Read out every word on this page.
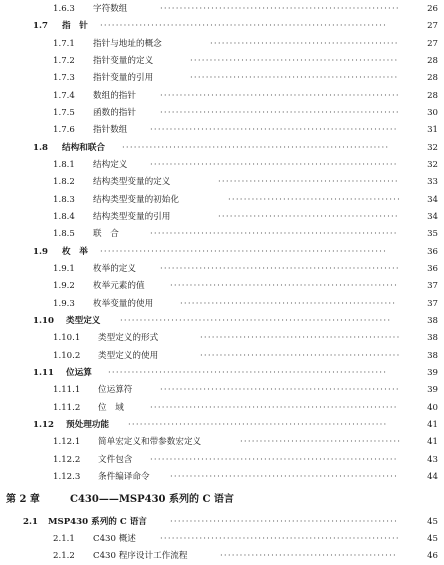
1.6.3 字符数组	·····························································	26
1.7 指　针 ·········································································	27
1.7.1 指针与地址的概念	················································	27
1.7.2 指针变量的定义	·····················································	28
1.7.3 指针变量的引用	·····················································	28
1.7.4 数组的指针	·····························································	28
1.7.5 函数的指针	·····························································	30
1.7.6 指针数组	·······························································	31
1.8 结构和联合 ····································································	32
1.8.1 结构定义	·······························································	32
1.8.2 结构类型变量的定义	··············································	33
1.8.3 结构类型变量的初始化	············································	34
1.8.4 结构类型变量的引用	··············································	34
1.8.5 联　合	·······························································	35
1.9 枚　举 ·········································································	36
1.9.1 枚举的定义	·····························································	36
1.9.2 枚举元素的值	··························································	37
1.9.3 枚举变量的使用	·······················································	37
1.10 类型定义 ·····································································	38
1.10.1 类型定义的形式	···················································	38
1.10.2 类型定义的使用	···················································	38
1.11 位运算 ·······································································	39
1.11.1 位运算符	·····························································	39
1.11.2 位　域	·······························································	40
1.12 预处理功能 ··································································	41
1.12.1 简单宏定义和带参数宏定义	·········································	41
1.12.2 文件包含 ·······························································	43
1.12.3 条件编译命令 ··························································	44
第 2 章	C430——MSP430 系列的 C 语言
2.1 MSP430 系列的 C 语言	··························································	45
2.1.1 C430 概述	·····························································	45
2.1.2 C430 程序设计工作流程	·············································	46
